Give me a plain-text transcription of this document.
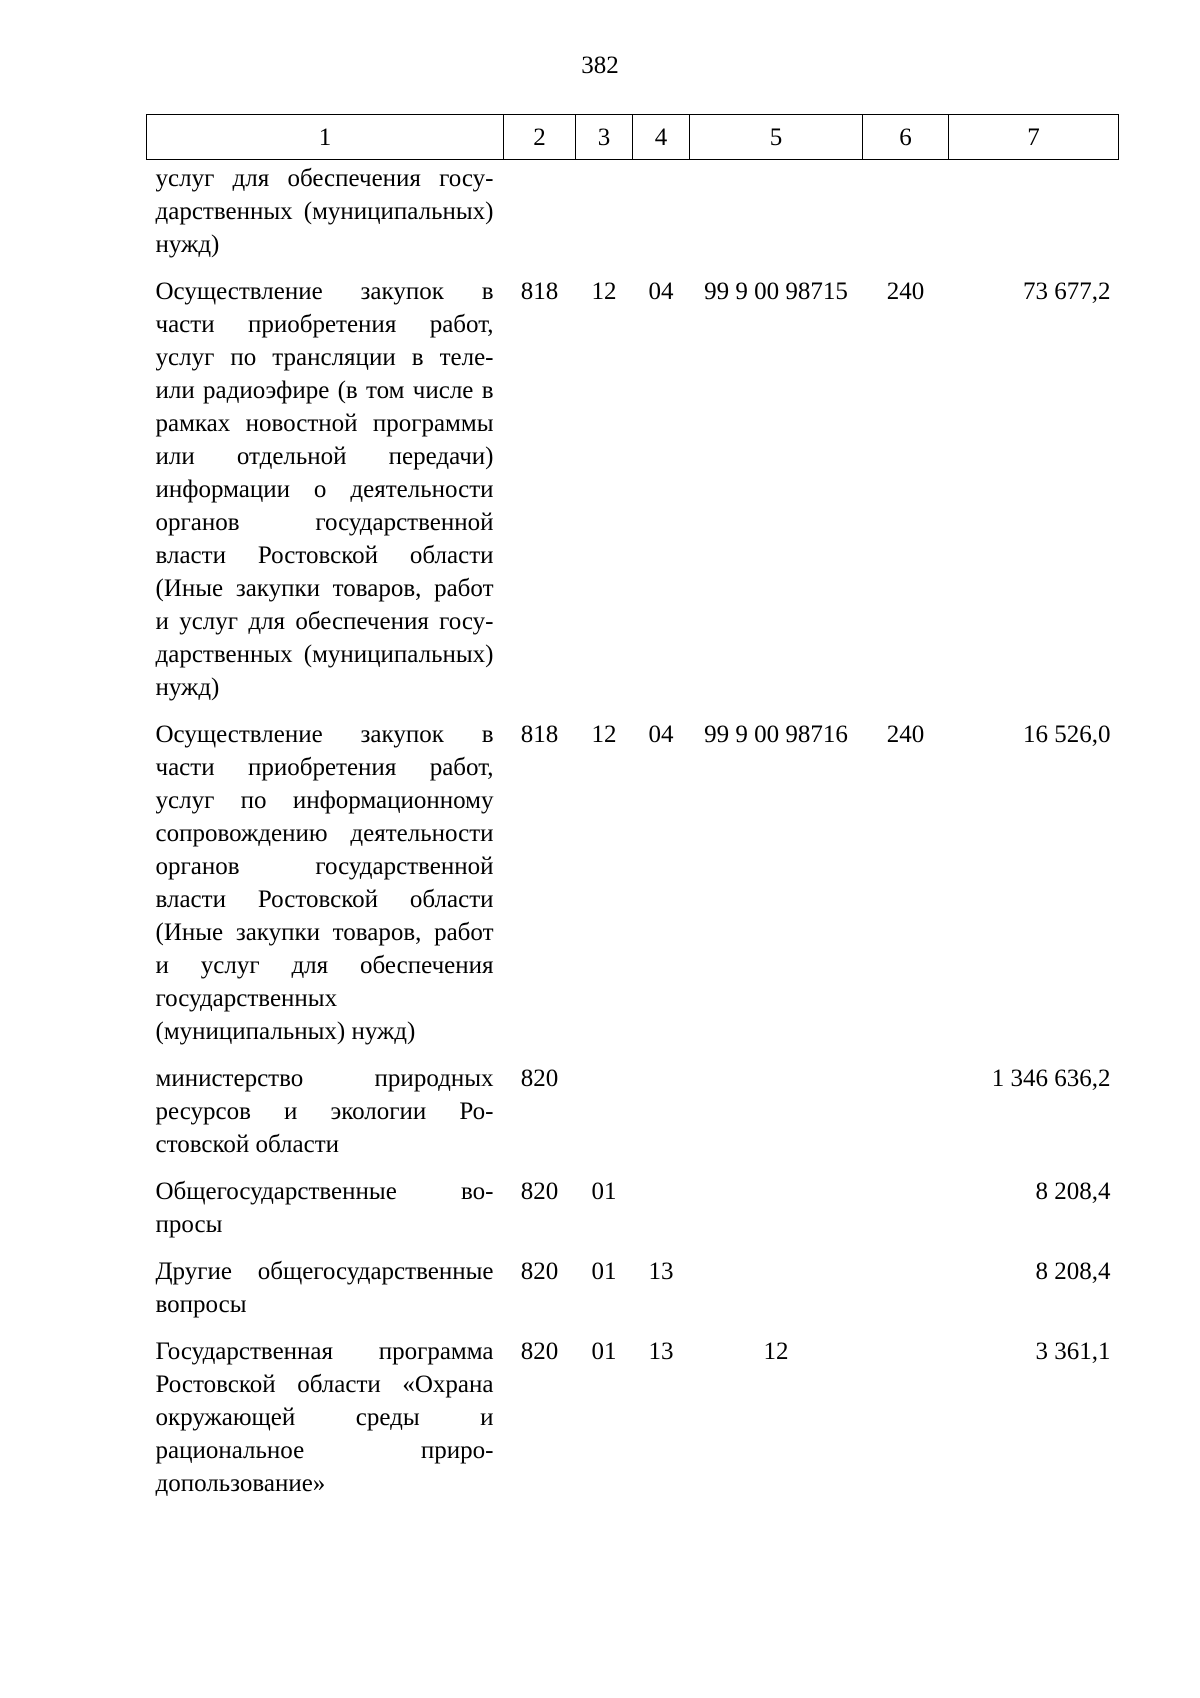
382
1	2	3	4	5	6	7
услуг для обеспечения государственных (муниципальных) нужд)						
Осуществление закупок в части приобретения работ, услуг по трансляции в теле- или радиоэфире (в том числе в рамках новостной программы или отдельной передачи) информации о деятельности органов государственной власти Ростовской области (Иные закупки товаров, работ и услуг для обеспечения государственных (муниципальных) нужд)	818	12	04	99 9 00 98715	240	73 677,2
Осуществление закупок в части приобретения работ, услуг по информационному сопровождению деятельности органов государственной власти Ростовской области (Иные закупки товаров, работ и услуг для обеспечения государственных (муниципальных) нужд)	818	12	04	99 9 00 98716	240	16 526,0
министерство природных ресурсов и экологии Ростовской области	820					1 346 636,2
Общегосударственные вопросы	820	01				8 208,4
Другие общегосударственные вопросы	820	01	13			8 208,4
Государственная программа Ростовской области «Охрана окружающей среды и рациональное природопользование»	820	01	13	12		3 361,1
